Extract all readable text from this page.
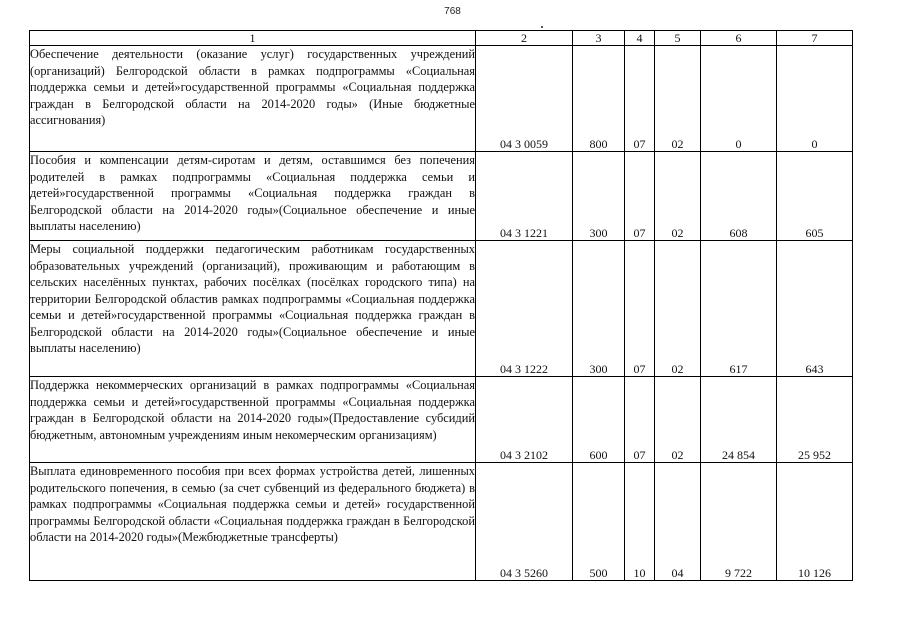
768
1	2	3	4	5	6	7
Обеспечение деятельности (оказание услуг) государственных учреждений (организаций) Белгородской области в рамках подпрограммы «Социальная поддержка семьи и детей»государственной программы «Социальная поддержка граждан в Белгородской области на 2014-2020 годы» (Иные бюджетные ассигнования)	04 3 0059	800	07	02	0	0
Пособия и компенсации детям-сиротам и детям, оставшимся без попечения родителей в рамках подпрограммы «Социальная поддержка семьи и детей»государственной программы «Социальная поддержка граждан в Белгородской области на 2014-2020 годы»(Социальное обеспечение и иные выплаты населению)	04 3 1221	300	07	02	608	605
Меры социальной поддержки педагогическим работникам государственных образовательных учреждений (организаций), проживающим и работающим в сельских населённых пунктах, рабочих посёлках (посёлках городского типа) на территории Белгородской областив рамках подпрограммы «Социальная поддержка семьи и детей»государственной программы «Социальная поддержка граждан в Белгородской области на 2014-2020 годы»(Социальное обеспечение и иные выплаты населению)	04 3 1222	300	07	02	617	643
Поддержка некоммерческих организаций в рамках подпрограммы «Социальная поддержка семьи и детей»государственной программы «Социальная поддержка граждан в Белгородской области на 2014-2020 годы»(Предоставление субсидий бюджетным, автономным учреждениям иным некомерческим организациям)	04 3 2102	600	07	02	24 854	25 952
Выплата единовременного пособия при всех формах устройства детей, лишенных родительского попечения, в семью (за счет субвенций из федерального бюджета) в рамках подпрограммы «Социальная поддержка семьи и детей» государственной программы Белгородской области «Социальная поддержка граждан в Белгородской области на 2014-2020 годы»(Межбюджетные трансферты)	04 3 5260	500	10	04	9 722	10 126
